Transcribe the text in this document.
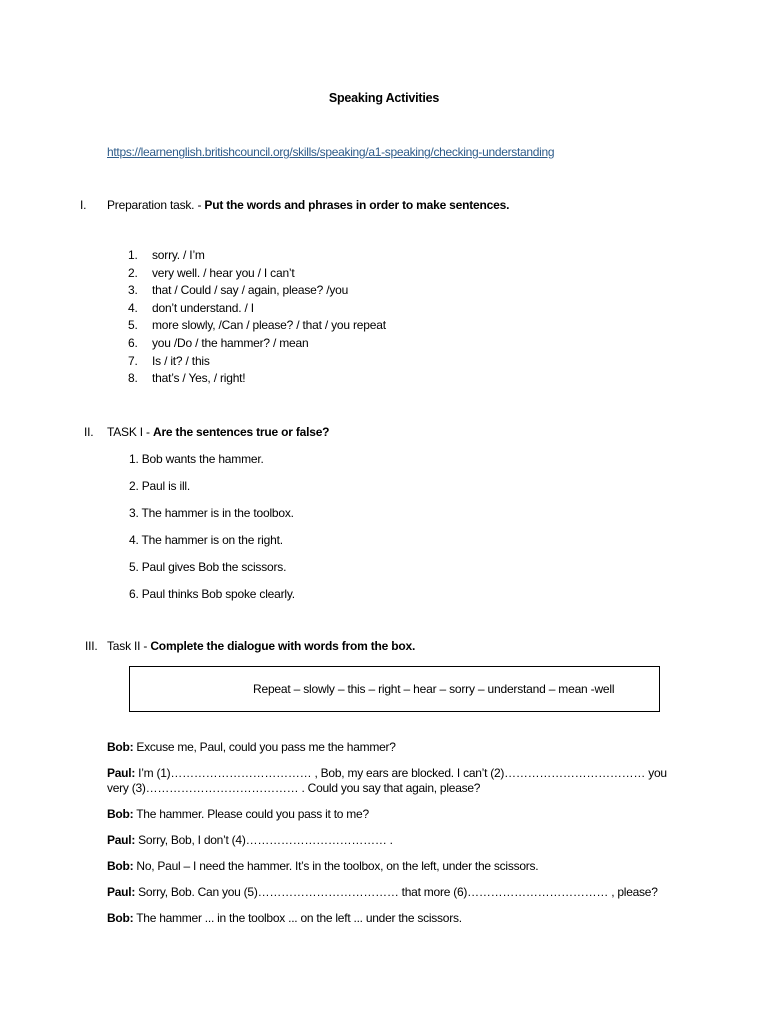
Speaking Activities
https://learnenglish.britishcouncil.org/skills/speaking/a1-speaking/checking-understanding
I. Preparation task. - Put the words and phrases in order to make sentences.
1.	sorry. / I’m
2.	very well. / hear you / I can’t
3.	that / Could / say / again, please? /you
4.	don’t understand. / I
5.	more slowly, /Can / please? / that / you repeat
6.	you /Do / the hammer? / mean
7.	Is / it? / this
8.	that’s / Yes, / right!
II. TASK I - Are the sentences true or false?
1. Bob wants the hammer.
2. Paul is ill.
3. The hammer is in the toolbox.
4. The hammer is on the right.
5. Paul gives Bob the scissors.
6. Paul thinks Bob spoke clearly.
III. Task II - Complete the dialogue with words from the box.
Repeat – slowly – this – right – hear – sorry – understand – mean -well

Bob: Excuse me, Paul, could you pass me the hammer?

Paul: I’m (1)……………………………… , Bob, my ears are blocked. I can’t (2)……………………………… you very (3)………………………………… . Could you say that again, please?

Bob: The hammer. Please could you pass it to me?

Paul: Sorry, Bob, I don’t (4)……………………………… .

Bob: No, Paul – I need the hammer. It’s in the toolbox, on the left, under the scissors.

Paul: Sorry, Bob. Can you (5)……………………………… that more (6)……………………………… , please?

Bob: The hammer ... in the toolbox ... on the left ... under the scissors.
